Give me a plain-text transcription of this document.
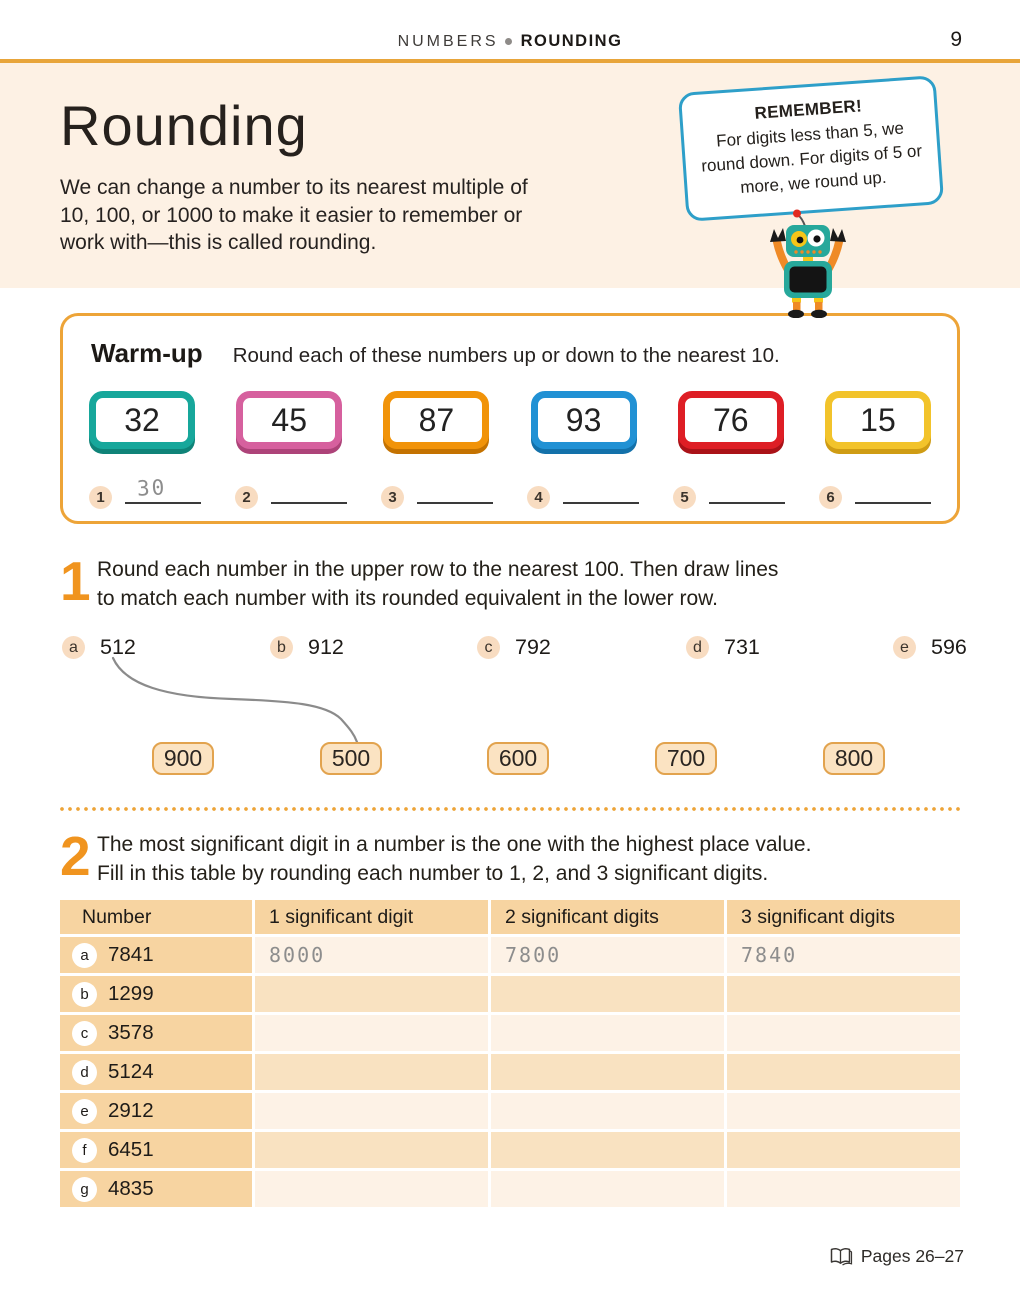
NUMBERS ROUNDING	9
Rounding

We can change a number to its nearest multiple of 10, 100, or 1000 to make it easier to remember or work with—this is called rounding.

REMEMBER!
For digits less than 5, we round down. For digits of 5 or more, we round up.
Warm-up Round each of these numbers up or down to the nearest 10.
32	45	87	93	76	15
1	30	2	3	4	5	6
1 Round each number in the upper row to the nearest 100. Then draw lines
to match each number with its rounded equivalent in the lower row.
a	512	b	912	c	792	d	731	e	596
900	500	600	700	800
2 The most significant digit in a number is the one with the highest place value.
Fill in this table by rounding each number to 1, 2, and 3 significant digits.
Number	1 significant digit	2 significant digits	3 significant digits
a 7841	8000	7800	7840
b 1299
c 3578
d 5124
e 2912
f	6451
g 4835
Pages 26–27
